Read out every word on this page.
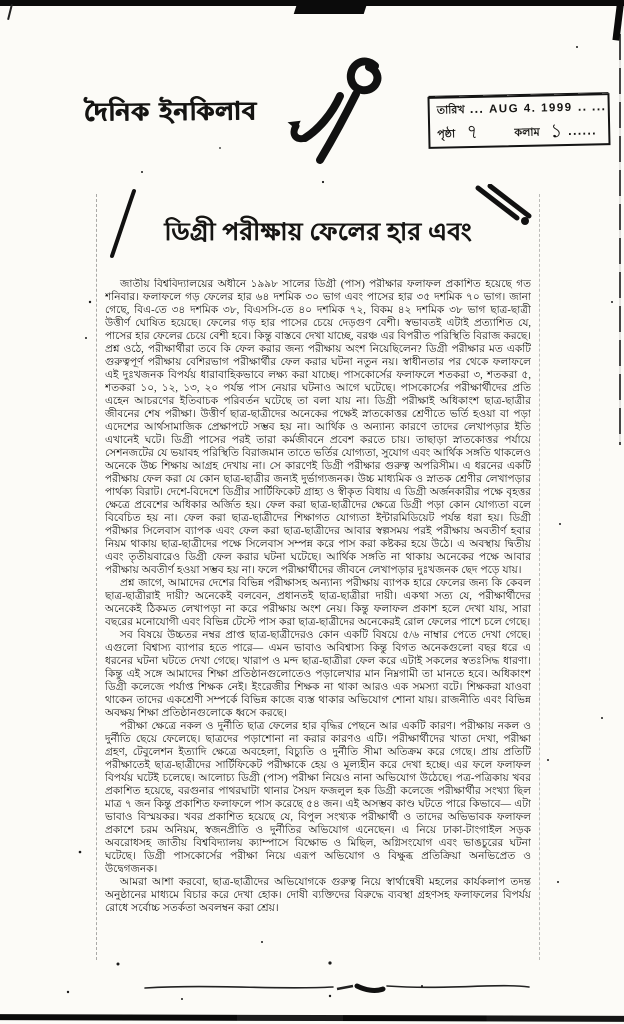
দৈনিক ইনকিলাব	তারিখ ... AUG 4. 1999 .. ...
পৃষ্ঠা ৭	কলাম ১ ......
ডিগ্রী পরীক্ষায় ফেলের হার এবং

জাতীয় বিশ্ববিদ্যালয়ের অধীনে ১৯৯৮ সালের ডিগ্রী (পাস) পরীক্ষার ফলাফল প্রকাশিত হয়েছে গত শনিবার। ফলাফলে গড় ফেলের হার ৬৪ দশমিক ৩০ ভাগ এবং পাসের হার ৩৫ দশমিক ৭০ ভাগ। জানা গেছে, বিএ-তে ৩৪ দশমিক ৩৮, বিএসসি-তে ৪০ দশমিক ৭২, বিকম ৪২ দশমিক ৩৮ ভাগ ছাত্র-ছাত্রী উত্তীর্ণ ঘোষিত হয়েছে। ফেলের গড় হার পাসের চেয়ে দেড়গুণ বেশী। স্বভাবতই এটাই প্রত্যাশিত যে, পাসের হার ফেলের চেয়ে বেশী হবে। কিন্তু বাস্তবে দেখা যাচ্ছে, বরঞ্চ এর বিপরীত পরিস্থিতি বিরাজ করছে। প্রশ্ন ওঠে, পরীক্ষার্থীরা তবে কি ফেল করার জন্য পরীক্ষায় অংশ নিয়েছিলেন? ডিগ্রী পরীক্ষার মত একটি গুরুত্বপূর্ণ পরীক্ষায় বেশিরভাগ পরীক্ষার্থীর ফেল করার ঘটনা নতুন নয়। স্বাধীনতার পর থেকে ফলাফলে এই দুঃখজনক বিপর্যয় ধারাবাহিকভাবে লক্ষ্য করা যাচ্ছে। পাসকোর্সের ফলাফলে শতকরা ৩, শতকরা ৫, শতকরা ১০, ১২, ১৩, ২০ পর্যন্ত পাস নেয়ার ঘটনাও আগে ঘটেছে। পাসকোর্সের পরীক্ষার্থীদের প্রতি এহেন আচরণের ইতিবাচক পরিবর্তন ঘটেছে তা বলা যায় না। ডিগ্রী পরীক্ষাই অধিকাংশ ছাত্র-ছাত্রীর জীবনের শেষ পরীক্ষা। উত্তীর্ণ ছাত্র-ছাত্রীদের অনেকের পক্ষেই স্নাতকোত্তর শ্রেণীতে ভর্তি হওয়া বা পড়া এদেশের আর্থসামাজিক প্রেক্ষাপটে সম্ভব হয় না। আর্থিক ও অন্যান্য কারণে তাদের লেখাপড়ার ইতি এখানেই ঘটে। ডিগ্রী পাসের পরই তারা কর্মজীবনে প্রবেশ করতে চায়। তাছাড়া স্নাতকোত্তর পর্যায়ে সেশনজটের যে ভয়াবহ পরিস্থিতি বিরাজমান তাতে ভর্তির যোগ্যতা, সুযোগ এবং আর্থিক সঙ্গতি থাকলেও অনেকে উচ্চ শিক্ষায় আগ্রহ দেখায় না। সে কারণেই ডিগ্রী পরীক্ষার গুরুত্ব অপরিসীম। এ ধরনের একটি পরীক্ষায় ফেল করা যে কোন ছাত্র-ছাত্রীর জন্যই দুর্ভাগ্যজনক। উচ্চ মাধ্যমিক ও স্নাতক শ্রেণীর লেখাপড়ার পার্থক্য বিরাট। দেশে-বিদেশে ডিগ্রীর সার্টিফিকেট গ্রাহ্য ও স্বীকৃত বিধায় এ ডিগ্রী অর্জনকারীর পক্ষে বৃহত্তর ক্ষেত্রে প্রবেশের অধিকার অর্জিত হয়। ফেল করা ছাত্র-ছাত্রীদের ক্ষেত্রে ডিগ্রী পড়া কোন যোগ্যতা বলে বিবেচিত হয় না। ফেল করা ছাত্র-ছাত্রীদের শিক্ষাগত যোগ্যতা ইন্টারমিডিয়েট পর্যন্ত ধরা হয়। ডিগ্রী পরীক্ষার সিলেবাস ব্যাপক এবং ফেল করা ছাত্র-ছাত্রীদের আবার স্বল্পসময় পরই পরীক্ষায় অবতীর্ণ হবার নিয়ম থাকায় ছাত্র-ছাত্রীদের পক্ষে সিলেবাস সম্পন্ন করে পাস করা কষ্টকর হয়ে উঠে। এ অবস্থায় দ্বিতীয় এবং তৃতীয়বারেও ডিগ্রী ফেল করার ঘটনা ঘটেছে। আর্থিক সঙ্গতি না থাকায় অনেকের পক্ষে আবার পরীক্ষায় অবতীর্ণ হওয়া সম্ভব হয় না। ফলে পরীক্ষার্থীদের জীবনে লেখাপড়ার দুঃখজনক ছেদ পড়ে যায়।

প্রশ্ন জাগে, আমাদের দেশের বিভিন্ন পরীক্ষাসহ অন্যান্য পরীক্ষায় ব্যাপক হারে ফেলের জন্য কি কেবল ছাত্র-ছাত্রীরাই দায়ী? অনেকেই বলবেন, প্রধানতই ছাত্র-ছাত্রীরা দায়ী। একথা সত্য যে, পরীক্ষার্থীদের অনেকেই ঠিকমত লেখাপড়া না করে পরীক্ষায় অংশ নেয়। কিন্তু ফলাফল প্রকাশ হলে দেখা যায়, সারা বছরের মনোযোগী এবং বিভিন্ন টেস্টে পাস করা ছাত্র-ছাত্রীদের অনেকেরই রোল ফেলের পাশে চলে গেছে।

সব বিষয়ে উচ্চতর নম্বর প্রাপ্ত ছাত্র-ছাত্রীদেরও কোন একটি বিষয়ে ৫/৬ নাম্বার পেতে দেখা গেছে। এগুলো বিশ্বাস্য ব্যাপার হতে পারে— এমন ভাবাও অবিশ্বাস্য কিন্তু বিগত অনেকগুলো বছর ধরে এ ধরনের ঘটনা ঘটতে দেখা গেছে। খারাপ ও মন্দ ছাত্র-ছাত্রীরা ফেল করে এটাই সকলের স্বতঃসিদ্ধ ধারণা। কিন্তু এই সঙ্গে আমাদের শিক্ষা প্রতিষ্ঠানগুলোতেও পড়ালেখার মান নিম্নগামী তা মানতে হবে। অধিকাংশ ডিগ্রী কলেজে পর্যাপ্ত শিক্ষক নেই। ইংরেজীর শিক্ষক না থাকা আরও এক সমস্যা বটে। শিক্ষকরা যাওবা থাকেন তাদের একশ্রেণী সম্পর্কে বিভিন্ন কাজে ব্যস্ত থাকার অভিযোগ শোনা যায়। রাজনীতি এবং বিভিন্ন অবক্ষয় শিক্ষা প্রতিষ্ঠানগুলোকে ধ্বসে করছে।

পরীক্ষা ক্ষেত্রে নকল ও দুর্নীতি ছাত্র ফেলের হার বৃদ্ধির পেছনে আর একটি কারণ। পরীক্ষায় নকল ও দুর্নীতি ছেয়ে ফেলেছে। ছাত্রদের পড়াশোনা না করার কারণও এটি। পরীক্ষার্থীদের খাতা দেখা, পরীক্ষা গ্রহণ, টেবুলেশন ইত্যাদি ক্ষেত্রে অবহেলা, বিচ্যুতি ও দুর্নীতি সীমা অতিক্রম করে গেছে। প্রায় প্রতিটি পরীক্ষাতেই ছাত্র-ছাত্রীদের সার্টিফিকেট পরীক্ষাকে হেয় ও মূল্যহীন করে দেখা হচ্ছে। এর ফলে ফলাফল বিপর্যয় ঘটেই চলেছে। আলোচ্য ডিগ্রী (পাস) পরীক্ষা নিয়েও নানা অভিযোগ উঠেছে। পত্র-পত্রিকায় খবর প্রকাশিত হয়েছে, বরগুনার পাথরঘাটা থানার সৈয়দ ফজলুল হক ডিগ্রী কলেজে পরীক্ষার্থীর সংখ্যা ছিল মাত্র ৭ জন কিন্তু প্রকাশিত ফলাফলে পাস করেছে ৫৪ জন। এই অসম্ভব কাণ্ড ঘটতে পারে কিভাবে— এটা ভাবাও বিস্ময়কর। খবর প্রকাশিত হয়েছে যে, বিপুল সংখ্যক পরীক্ষার্থী ও তাদের অভিভাবক ফলাফল প্রকাশে চরম অনিয়ম, স্বজনপ্রীতি ও দুর্নীতির অভিযোগ এনেছেন। এ নিয়ে ঢাকা-টাংগাইল সড়ক অবরোধসহ জাতীয় বিশ্ববিদ্যালয় ক্যাম্পাসে বিক্ষোভ ও মিছিল, অগ্নিসংযোগ এবং ভাঙচুরের ঘটনা ঘটেছে। ডিগ্রী পাসকোর্সের পরীক্ষা নিয়ে এরূপ অভিযোগ ও বিক্ষুব্ধ প্রতিক্রিয়া অনভিপ্রেত ও উদ্বেগজনক।

আমরা আশা করবো, ছাত্র-ছাত্রীদের অভিযোগকে গুরুত্ব নিয়ে স্বার্থান্বেষী মহলের কার্যকলাপ তদন্ত অনুষ্ঠানের মাধ্যমে বিচার করে দেখা হোক। দোষী ব্যক্তিদের বিরুদ্ধে ব্যবস্থা গ্রহণসহ ফলাফলের বিপর্যয় রোধে সর্বোচ্চ সতর্কতা অবলম্বন করা শ্রেয়।
